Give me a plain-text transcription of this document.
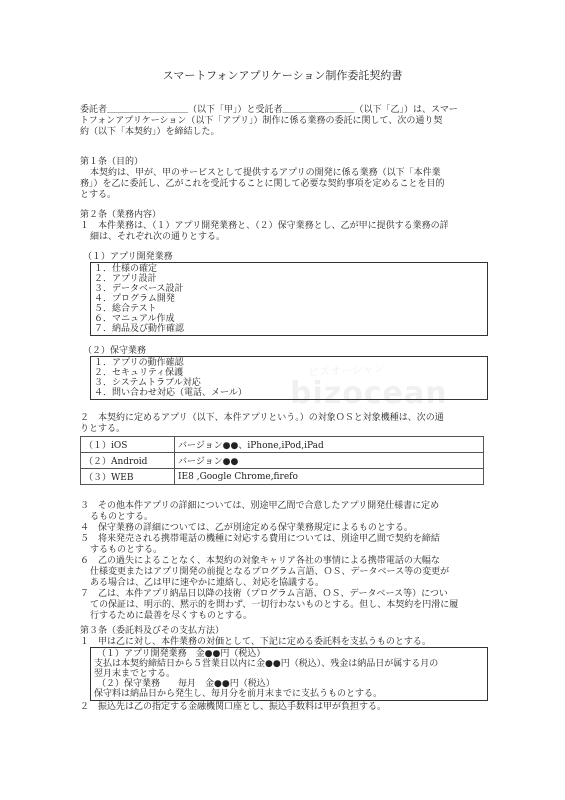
ビズオーシャン
bizocean
スマートフォンアプリケーション制作委託契約書
委託者＿＿＿＿＿＿＿＿＿（以下「甲」）と受託者＿＿＿＿＿＿＿＿（以下「乙」）は、スマー
トフォンアプリケーション（以下「アプリ」）制作に係る業務の委託に関して、次の通り契
約（以下「本契約」）を締結した。
第１条（目的）
本契約は、甲が、甲のサービスとして提供するアプリの開発に係る業務（以下「本件業
務」）を乙に委託し、乙がこれを受託することに関して必要な契約事項を定めることを目的
とする。
第２条（業務内容）
１　本件業務は、（１）アプリ開発業務と、（２）保守業務とし、乙が甲に提供する業務の詳
細は、それぞれ次の通りとする。
（１）アプリ開発業務
１．仕様の確定
２．アプリ設計
３．データベース設計
４．プログラム開発
５．総合テスト
６．マニュアル作成
７．納品及び動作確認
（２）保守業務
１．アプリの動作確認
２．セキュリティ保護
３．システムトラブル対応
４．問い合わせ対応（電話、メール）
２　本契約に定めるアプリ（以下、本件アプリという。）の対象ＯＳと対象機種は、次の通
りとする。
（１）iOS	バージョン●●、iPhone,iPod,iPad
（２）Android	バージョン●●
（３）WEB	IE8 ,Google Chrome,firefo
３　その他本件アプリの詳細については、別途甲乙間で合意したアプリ開発仕様書に定め
るものとする。
４　保守業務の詳細については、乙が別途定める保守業務規定によるものとする。
５　将来発売される携帯電話の機種に対応する費用については、別途甲乙間で契約を締結
するものとする。
６　乙の過失によることなく、本契約の対象キャリア各社の事情による携帯電話の大幅な
仕様変更またはアプリ開発の前提となるプログラム言語、ＯＳ、データベース等の変更が
ある場合は、乙は甲に速やかに連絡し、対応を協議する。
７　乙は、本件アプリ納品日以降の技術（プログラム言語、ＯＳ、データベース等）につい
ての保証は、明示的、黙示的を問わず、一切行わないものとする。但し、本契約を円滑に履
行するために最善を尽くすものとする。
第３条（委託料及びその支払方法）
１　甲は乙に対し、本件業務の対価として、下記に定める委託料を支払うものとする。
（１）アプリ開発業務　金●●円（税込）
支払は本契約締結日から５営業日以内に金●●円（税込）、残金は納品日が属する月の
翌月末までとする。
（２）保守業務　　毎月　金●●円（税込）
保守料は納品日から発生し、毎月分を前月末までに支払うものとする。
２　振込先は乙の指定する金融機関口座とし、振込手数料は甲が負担する。
